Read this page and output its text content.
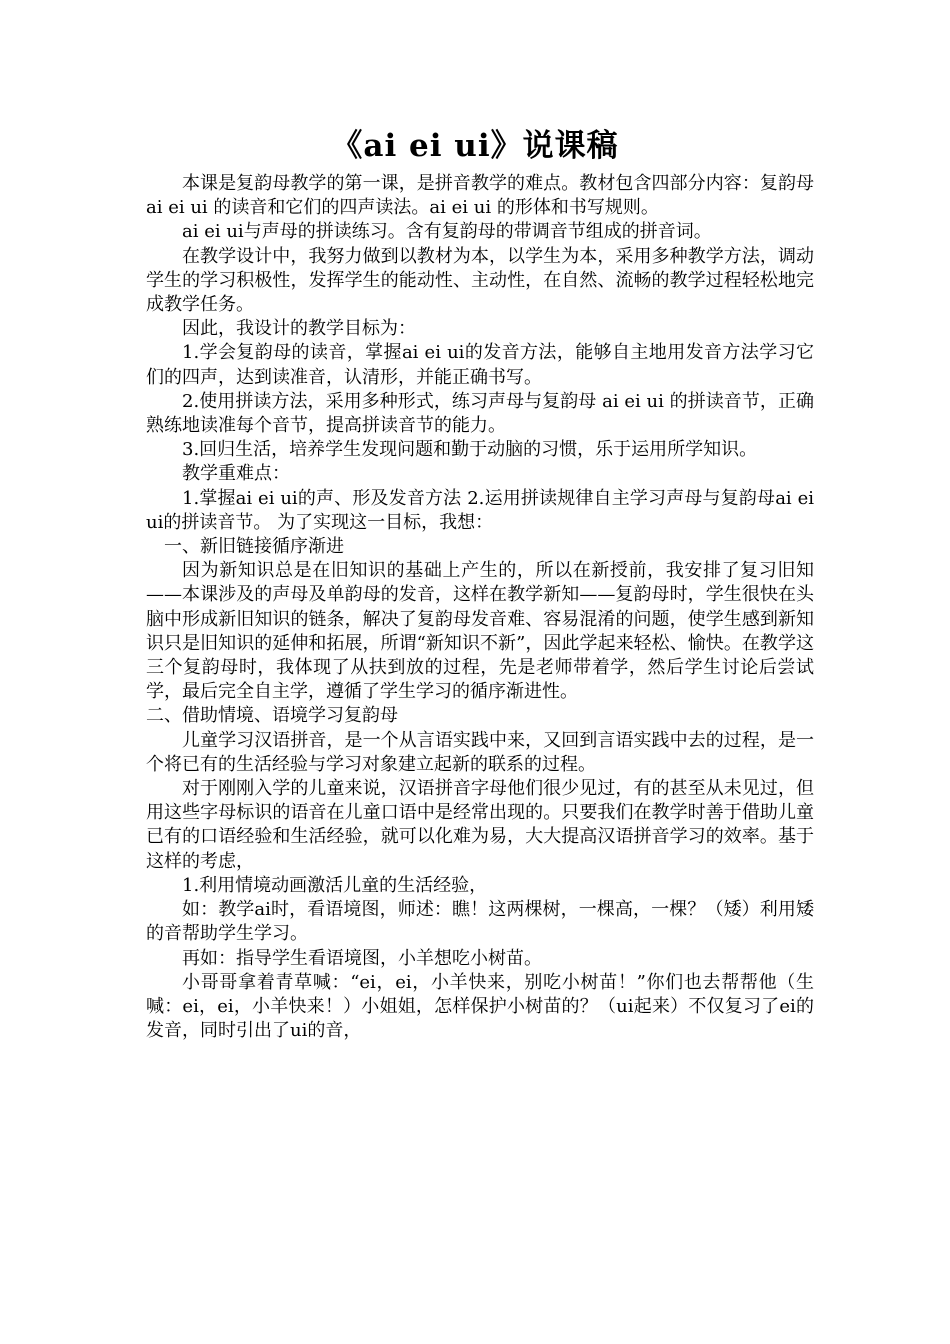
《ai ei ui》说课稿

本课是复韵母教学的第一课，是拼音教学的难点。教材包含四部分内容：复韵母ai ei ui 的读音和它们的四声读法。ai ei ui 的形体和书写规则。

ai ei ui与声母的拼读练习。含有复韵母的带调音节组成的拼音词。

在教学设计中，我努力做到以教材为本，以学生为本，采用多种教学方法，调动学生的学习积极性，发挥学生的能动性、主动性，在自然、流畅的教学过程轻松地完成教学任务。

因此，我设计的教学目标为：

1.学会复韵母的读音，掌握ai ei ui的发音方法，能够自主地用发音方法学习它们的四声，达到读准音，认清形，并能正确书写。

2.使用拼读方法，采用多种形式，练习声母与复韵母 ai ei ui 的拼读音节，正确熟练地读准每个音节，提高拼读音节的能力。

3.回归生活，培养学生发现问题和勤于动脑的习惯，乐于运用所学知识。

教学重难点：

1.掌握ai ei ui的声、形及发音方法 2.运用拼读规律自主学习声母与复韵母ai ei ui的拼读音节。 为了实现这一目标，我想：

一、新旧链接循序渐进

因为新知识总是在旧知识的基础上产生的，所以在新授前，我安排了复习旧知——本课涉及的声母及单韵母的发音，这样在教学新知——复韵母时，学生很快在头脑中形成新旧知识的链条，解决了复韵母发音难、容易混淆的问题，使学生感到新知识只是旧知识的延伸和拓展，所谓“新知识不新”，因此学起来轻松、愉快。在教学这三个复韵母时，我体现了从扶到放的过程，先是老师带着学，然后学生讨论后尝试学，最后完全自主学，遵循了学生学习的循序渐进性。

二、借助情境、语境学习复韵母

儿童学习汉语拼音，是一个从言语实践中来，又回到言语实践中去的过程，是一个将已有的生活经验与学习对象建立起新的联系的过程。

对于刚刚入学的儿童来说，汉语拼音字母他们很少见过，有的甚至从未见过，但用这些字母标识的语音在儿童口语中是经常出现的。只要我们在教学时善于借助儿童已有的口语经验和生活经验，就可以化难为易，大大提高汉语拼音学习的效率。基于这样的考虑，

1.利用情境动画激活儿童的生活经验，

如：教学ai时，看语境图，师述：瞧！这两棵树，一棵高，一棵？（矮）利用矮的音帮助学生学习。

再如：指导学生看语境图，小羊想吃小树苗。

小哥哥拿着青草喊：“ei，ei，小羊快来，别吃小树苗！”你们也去帮帮他（生喊：ei，ei，小羊快来！）小姐姐，怎样保护小树苗的？（ui起来）不仅复习了ei的发音，同时引出了ui的音，
